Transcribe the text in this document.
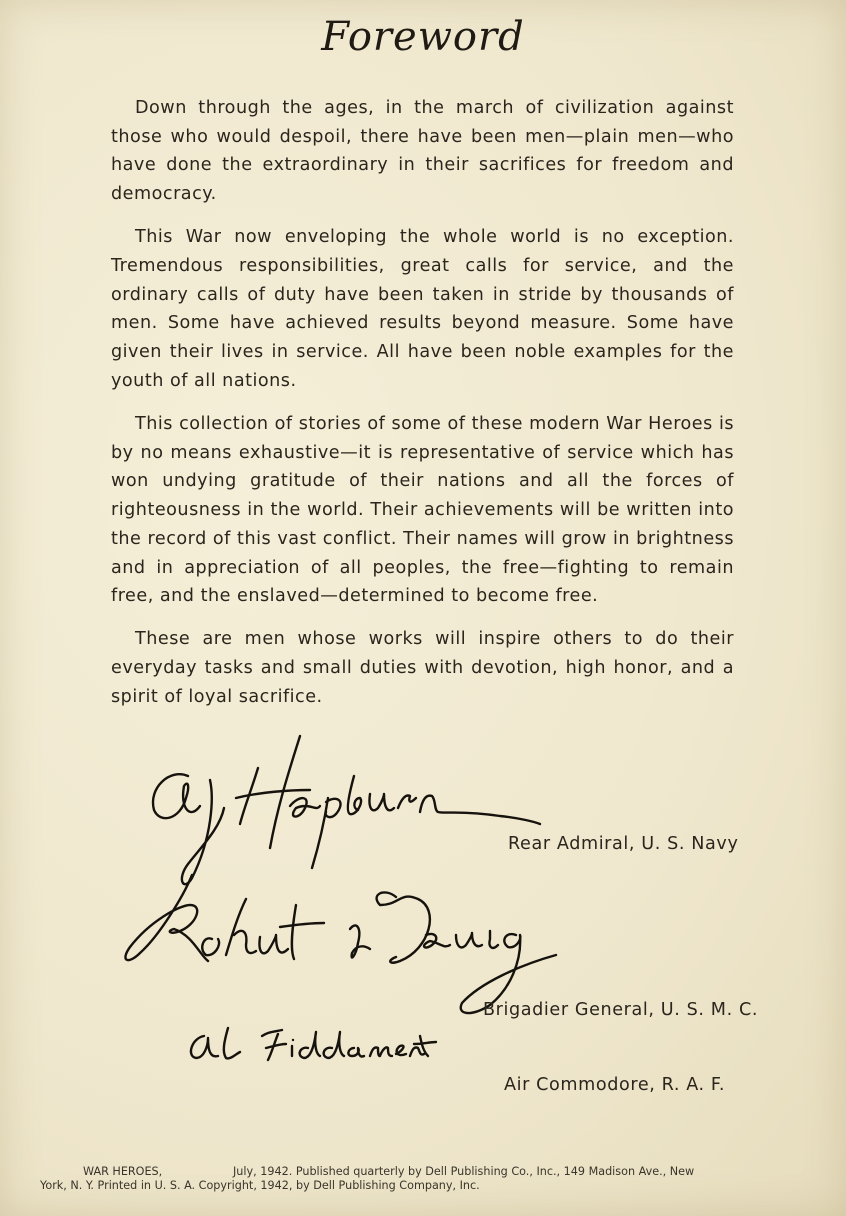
Foreword

Down through the ages, in the march of civilization against those who would despoil, there have been men—plain men—who have done the extraordinary in their sacrifices for freedom and democracy.

This War now enveloping the whole world is no exception. Tremendous responsibilities, great calls for service, and the ordinary calls of duty have been taken in stride by thousands of men. Some have achieved results beyond measure. Some have given their lives in service. All have been noble examples for the youth of all nations.

This collection of stories of some of these modern War Heroes is by no means exhaustive—it is representative of service which has won undying gratitude of their nations and all the forces of righteousness in the world. Their achievements will be written into the record of this vast conflict. Their names will grow in brightness and in appreciation of all peoples, the free—fighting to remain free, and the enslaved—determined to become free.

These are men whose works will inspire others to do their everyday tasks and small duties with devotion, high honor, and a spirit of loyal sacrifice.

Rear Admiral, U. S. Navy
Brigadier General, U. S. M. C.
Air Commodore, R. A. F.
WAR HEROES,	July, 1942. Published quarterly by Dell Publishing Co., Inc., 149 Madison Ave., New
York, N. Y. Printed in U. S. A. Copyright, 1942, by Dell Publishing Company, Inc.
